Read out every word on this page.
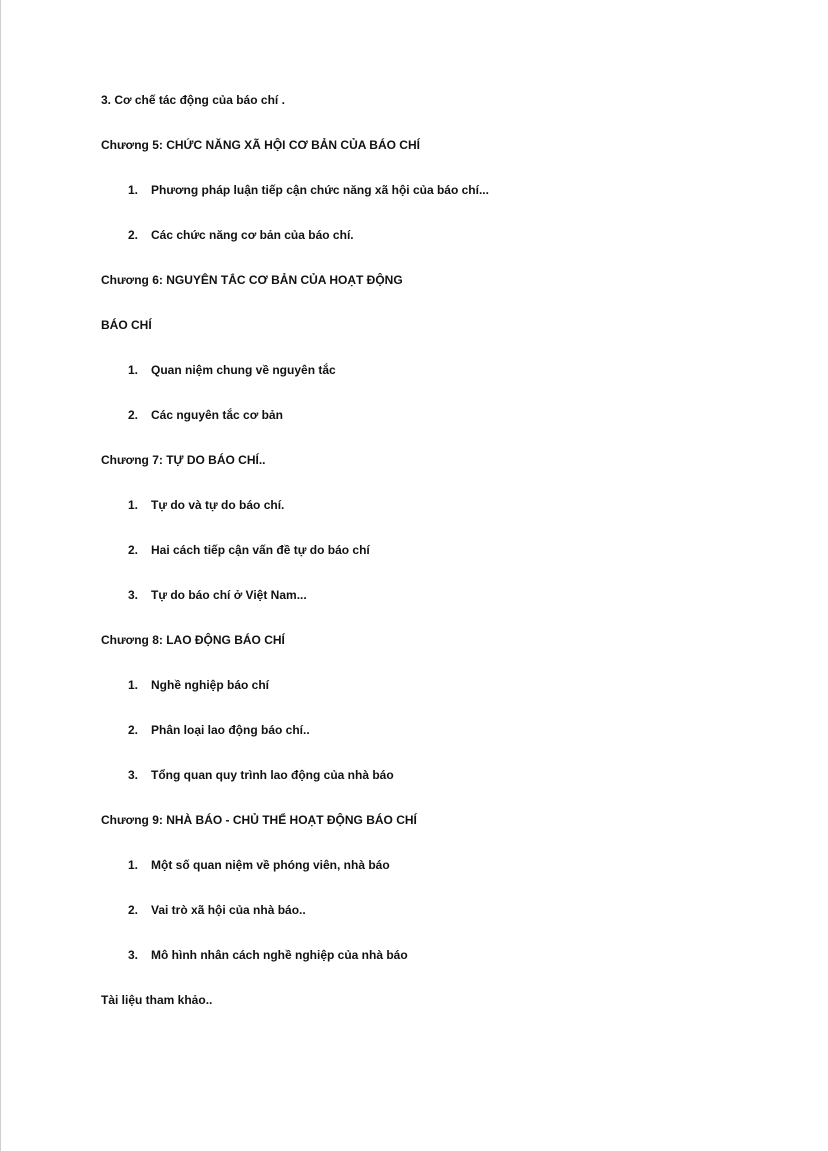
3. Cơ chế tác động của báo chí .
Chương 5: CHỨC NĂNG XÃ HỘI CƠ BẢN CỦA BÁO CHÍ
1. Phương pháp luận tiếp cận chức năng xã hội của báo chí...
2. Các chức năng cơ bản của báo chí.
Chương 6: NGUYÊN TẮC CƠ BẢN CỦA HOẠT ĐỘNG
BÁO CHÍ
1. Quan niệm chung về nguyên tắc
2. Các nguyên tắc cơ bản
Chương 7: TỰ DO BÁO CHÍ..
1. Tự do và tự do báo chí.
2. Hai cách tiếp cận vấn đề tự do báo chí
3. Tự do báo chí ở Việt Nam...
Chương 8: LAO ĐỘNG BÁO CHÍ
1. Nghề nghiệp báo chí
2. Phân loại lao động báo chí..
3. Tổng quan quy trình lao động của nhà báo
Chương 9: NHÀ BÁO - CHỦ THỂ HOẠT ĐỘNG BÁO CHÍ
1. Một số quan niệm về phóng viên, nhà báo
2. Vai trò xã hội của nhà báo..
3. Mô hình nhân cách nghề nghiệp của nhà báo
Tài liệu tham khảo..
